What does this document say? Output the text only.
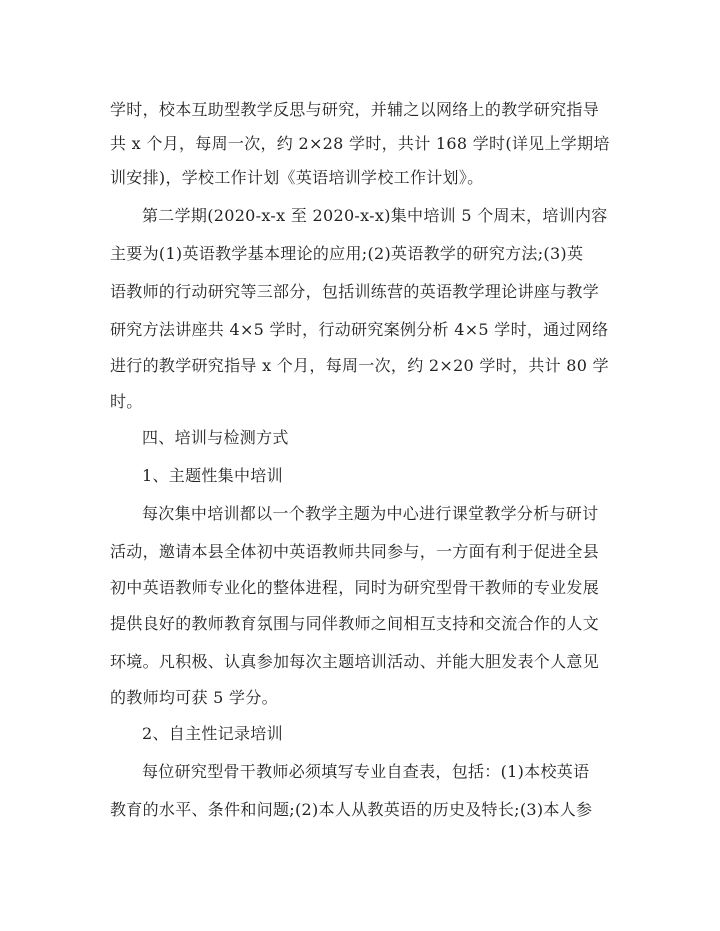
学时，校本互助型教学反思与研究，并辅之以网络上的教学研究指导
共 x 个月，每周一次，约 2×28 学时，共计 168 学时(详见上学期培
训安排)，学校工作计划《英语培训学校工作计划》。
第二学期(2020-x-x 至 2020-x-x)集中培训 5 个周末，培训内容
主要为(1)英语教学基本理论的应用;(2)英语教学的研究方法;(3)英
语教师的行动研究等三部分，包括训练营的英语教学理论讲座与教学
研究方法讲座共 4×5 学时，行动研究案例分析 4×5 学时，通过网络
进行的教学研究指导 x 个月，每周一次，约 2×20 学时，共计 80 学
时。
四、培训与检测方式
1、主题性集中培训
每次集中培训都以一个教学主题为中心进行课堂教学分析与研讨
活动，邀请本县全体初中英语教师共同参与，一方面有利于促进全县
初中英语教师专业化的整体进程，同时为研究型骨干教师的专业发展
提供良好的教师教育氛围与同伴教师之间相互支持和交流合作的人文
环境。凡积极、认真参加每次主题培训活动、并能大胆发表个人意见
的教师均可获 5 学分。
2、自主性记录培训
每位研究型骨干教师必须填写专业自查表，包括：(1)本校英语
教育的水平、条件和问题;(2)本人从教英语的历史及特长;(3)本人参
